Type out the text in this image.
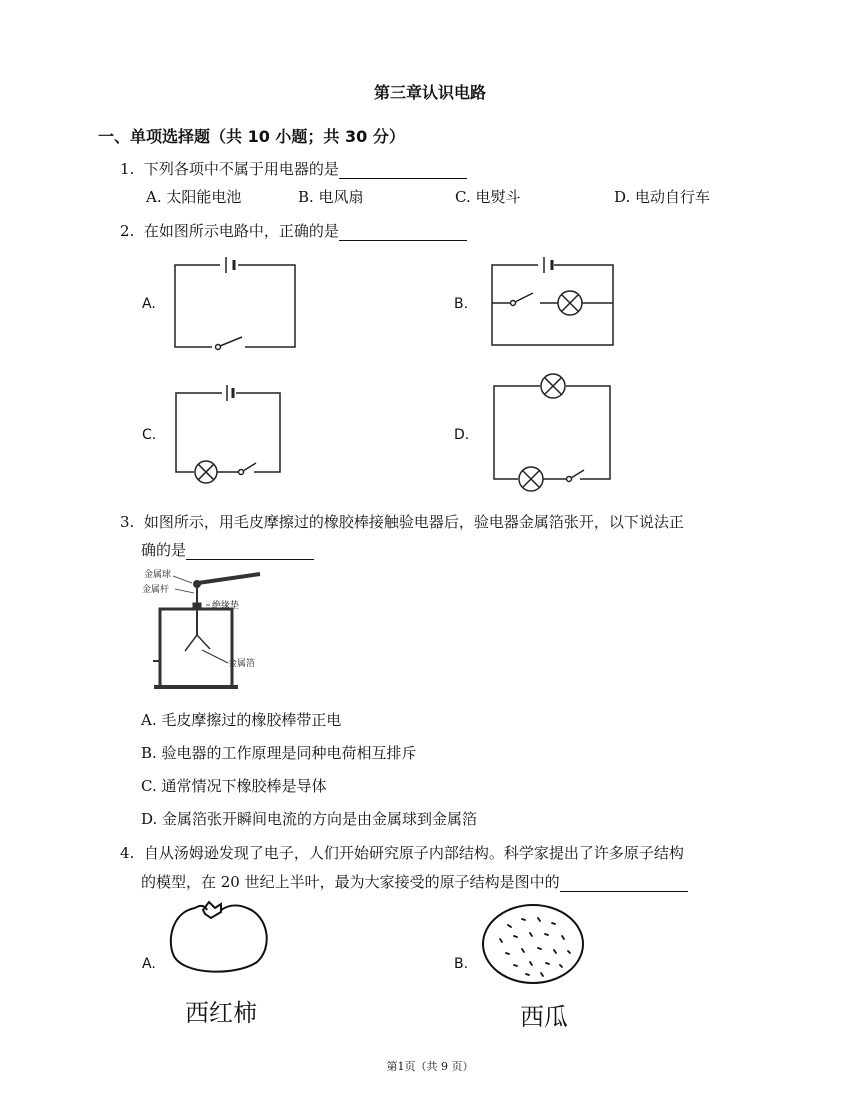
第三章认识电路
一、单项选择题（共 10 小题；共 30 分）
1. 下列各项中不属于用电器的是
A. 太阳能电池	B. 电风扇	C. 电熨斗	D. 电动自行车
2. 在如图所示电路中，正确的是
A.	B.
C.	D.
3. 如图所示，用毛皮摩擦过的橡胶棒接触验电器后，验电器金属箔张开，以下说法正
确的是
金属球
金属杆
绝缘垫
金属箔
A. 毛皮摩擦过的橡胶棒带正电
B. 验电器的工作原理是同种电荷相互排斥
C. 通常情况下橡胶棒是导体
D. 金属箔张开瞬间电流的方向是由金属球到金属箔
4. 自从汤姆逊发现了电子，人们开始研究原子内部结构。科学家提出了许多原子结构
的模型，在 20 世纪上半叶，最为大家接受的原子结构是图中的
A.	B.
西红柿	西瓜
第1页（共 9 页）
